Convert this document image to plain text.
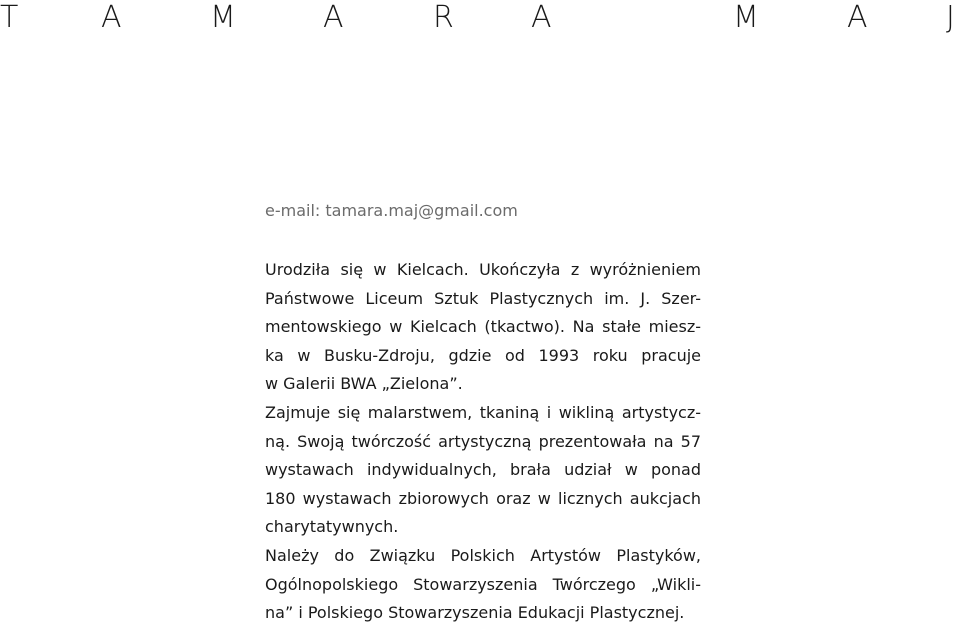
T	A	M	A	R	A	M	A	J
e-mail: tamara.maj@gmail.com
Urodziła się w Kielcach. Ukończyła z wyróżnieniem
Państwowe Liceum Sztuk Plastycznych im. J. Szer-
mentowskiego w Kielcach (tkactwo). Na stałe miesz-
ka w Busku-Zdroju, gdzie od 1993 roku pracuje
w Galerii BWA „Zielona”.
Zajmuje się malarstwem, tkaniną i wikliną artystycz-
ną. Swoją twórczość artystyczną prezentowała na 57
wystawach indywidualnych, brała udział w ponad
180 wystawach zbiorowych oraz w licznych aukcjach
charytatywnych.
Należy do Związku Polskich Artystów Plastyków,
Ogólnopolskiego Stowarzyszenia Twórczego „Wikli-
na” i Polskiego Stowarzyszenia Edukacji Plastycznej.
